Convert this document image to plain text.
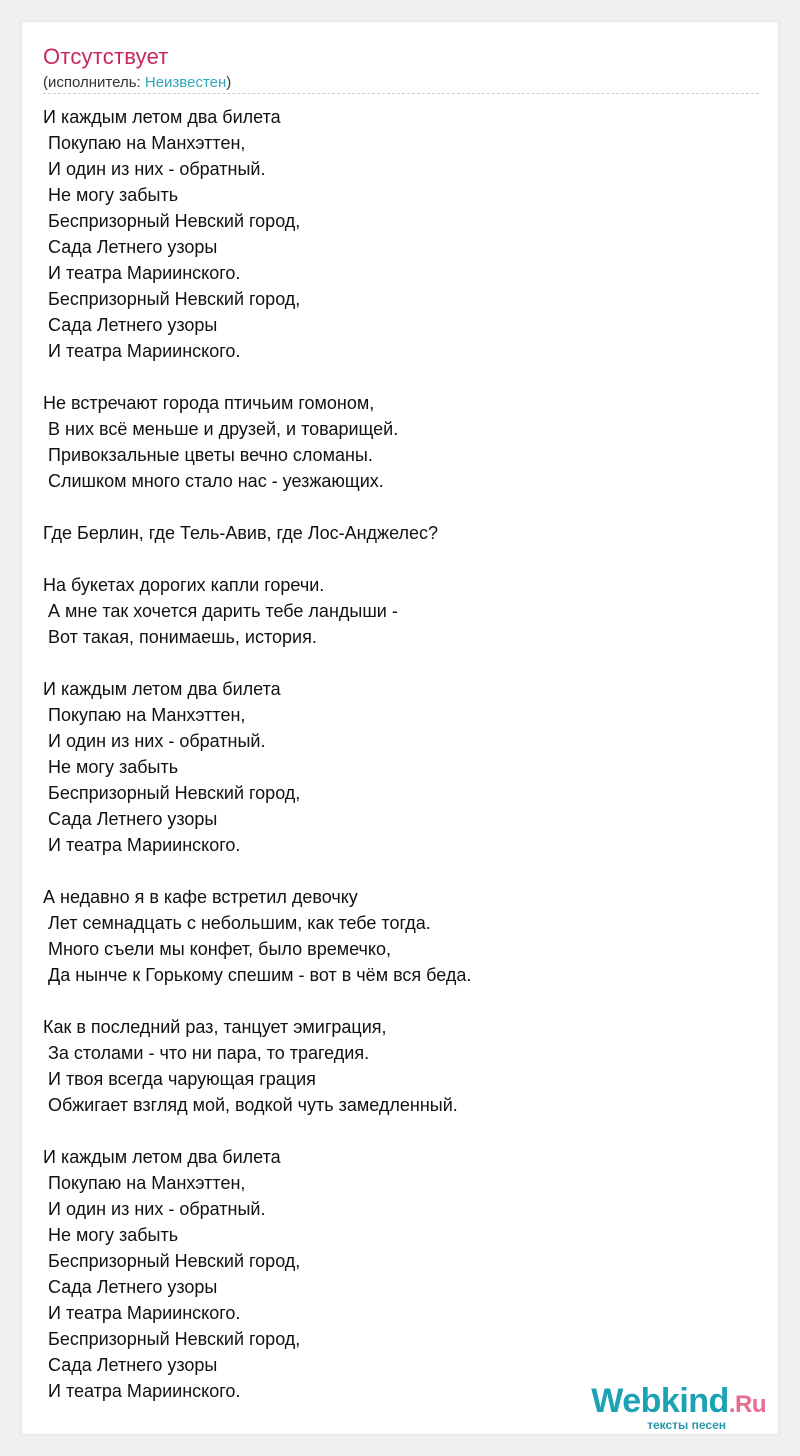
Отсутствует
(исполнитель: Неизвестен)
И каждым летом два билета
Покупаю на Манхэттен,
И один из них - обратный.
Не могу забыть
Беспризорный Невский город,
Сада Летнего узоры
И театра Мариинского.
Беспризорный Невский город,
Сада Летнего узоры
И театра Мариинского.
Не встречают города птичьим гомоном,
В них всё меньше и друзей, и товарищей.
Привокзальные цветы вечно сломаны.
Слишком много стало нас - уезжающих.
Где Берлин, где Тель-Авив, где Лос-Анджелес?
На букетах дорогих капли горечи.
А мне так хочется дарить тебе ландыши -
Вот такая, понимаешь, история.
И каждым летом два билета
Покупаю на Манхэттен,
И один из них - обратный.
Не могу забыть
Беспризорный Невский город,
Сада Летнего узоры
И театра Мариинского.
А недавно я в кафе встретил девочку
Лет семнадцать с небольшим, как тебе тогда.
Много съели мы конфет, было времечко,
Да нынче к Горькому спешим - вот в чём вся беда.
Как в последний раз, танцует эмиграция,
За столами - что ни пара, то трагедия.
И твоя всегда чарующая грация
Обжигает взгляд мой, водкой чуть замедленный.
И каждым летом два билета
Покупаю на Манхэттен,
И один из них - обратный.
Не могу забыть
Беспризорный Невский город,
Сада Летнего узоры
И театра Мариинского.
Беспризорный Невский город,
Сада Летнего узоры
И театра Мариинского.	Webkind.Ru
тексты песен
